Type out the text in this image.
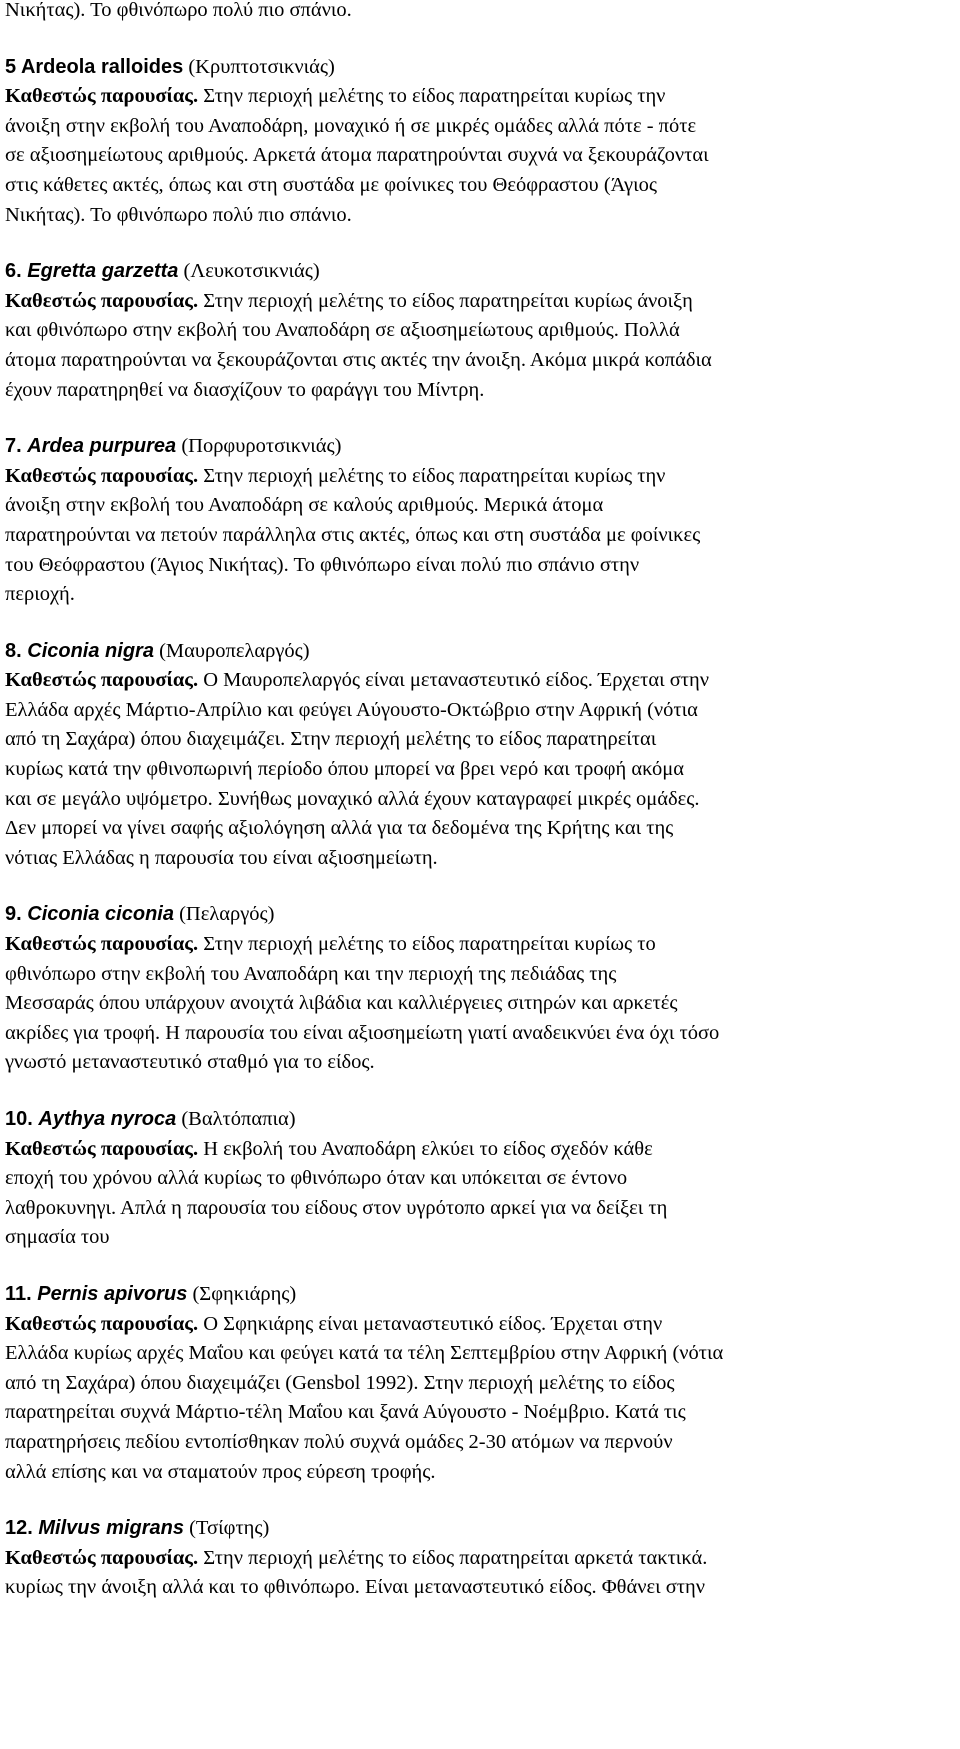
Νικήτας). Το φθινόπωρο πολύ πιο σπάνιο.

5 Ardeola ralloides (Κρυπτοτσικνιάς)

Καθεστώς παρουσίας. Στην περιοχή μελέτης το είδος παρατηρείται κυρίως την

άνοιξη στην εκβολή του Αναποδάρη, μοναχικό ή σε μικρές ομάδες αλλά πότε - πότε

σε αξιοσημείωτους αριθμούς. Αρκετά άτομα παρατηρούνται συχνά να ξεκουράζονται

στις κάθετες ακτές, όπως και στη συστάδα με φοίνικες του Θεόφραστου (Άγιος

Νικήτας). Το φθινόπωρο πολύ πιο σπάνιο.

6. Egretta garzetta (Λευκοτσικνιάς)

Καθεστώς παρουσίας. Στην περιοχή μελέτης το είδος παρατηρείται κυρίως άνοιξη

και φθινόπωρο στην εκβολή του Αναποδάρη σε αξιοσημείωτους αριθμούς. Πολλά

άτομα παρατηρούνται να ξεκουράζονται στις ακτές την άνοιξη. Ακόμα μικρά κοπάδια

έχουν παρατηρηθεί να διασχίζουν το φαράγγι του Μίντρη.

7. Ardea purpurea (Πορφυροτσικνιάς)

Καθεστώς παρουσίας. Στην περιοχή μελέτης το είδος παρατηρείται κυρίως την

άνοιξη στην εκβολή του Αναποδάρη σε καλούς αριθμούς. Μερικά άτομα

παρατηρούνται να πετούν παράλληλα στις ακτές, όπως και στη συστάδα με φοίνικες

του Θεόφραστου (Άγιος Νικήτας). Το φθινόπωρο είναι πολύ πιο σπάνιο στην

περιοχή.

8. Ciconia nigra (Μαυροπελαργός)

Καθεστώς παρουσίας. Ο Μαυροπελαργός είναι μεταναστευτικό είδος. Έρχεται στην

Ελλάδα αρχές Μάρτιο-Απρίλιο και φεύγει Αύγουστο-Οκτώβριο στην Αφρική (νότια

από τη Σαχάρα) όπου διαχειμάζει. Στην περιοχή μελέτης το είδος παρατηρείται

κυρίως κατά την φθινοπωρινή περίοδο όπου μπορεί να βρει νερό και τροφή ακόμα

και σε μεγάλο υψόμετρο. Συνήθως μοναχικό αλλά έχουν καταγραφεί μικρές ομάδες.

Δεν μπορεί να γίνει σαφής αξιολόγηση αλλά για τα δεδομένα της Κρήτης και της

νότιας Ελλάδας η παρουσία του είναι αξιοσημείωτη.

9. Ciconia ciconia (Πελαργός)

Καθεστώς παρουσίας. Στην περιοχή μελέτης το είδος παρατηρείται κυρίως το

φθινόπωρο στην εκβολή του Αναποδάρη και την περιοχή της πεδιάδας της

Μεσσαράς όπου υπάρχουν ανοιχτά λιβάδια και καλλιέργειες σιτηρών και αρκετές

ακρίδες για τροφή. Η παρουσία του είναι αξιοσημείωτη γιατί αναδεικνύει ένα όχι τόσο

γνωστό μεταναστευτικό σταθμό για το είδος.

10. Aythya nyroca (Βαλτόπαπια)

Καθεστώς παρουσίας. Η εκβολή του Αναποδάρη ελκύει το είδος σχεδόν κάθε

εποχή του χρόνου αλλά κυρίως το φθινόπωρο όταν και υπόκειται σε έντονο

λαθροκυνηγι. Απλά η παρουσία του είδους στον υγρότοπο αρκεί για να δείξει τη

σημασία του

11. Pernis apivorus (Σφηκιάρης)

Καθεστώς παρουσίας. Ο Σφηκιάρης είναι μεταναστευτικό είδος. Έρχεται στην

Ελλάδα κυρίως αρχές Μαΐου και φεύγει κατά τα τέλη Σεπτεμβρίου στην Αφρική (νότια

από τη Σαχάρα) όπου διαχειμάζει (Gensbol 1992). Στην περιοχή μελέτης το είδος

παρατηρείται συχνά Μάρτιο-τέλη Μαΐου και ξανά Αύγουστο - Νοέμβριο. Κατά τις

παρατηρήσεις πεδίου εντοπίσθηκαν πολύ συχνά ομάδες 2-30 ατόμων να περνούν

αλλά επίσης και να σταματούν προς εύρεση τροφής.

12. Milvus migrans (Τσίφτης)

Καθεστώς παρουσίας. Στην περιοχή μελέτης το είδος παρατηρείται αρκετά τακτικά.

κυρίως την άνοιξη αλλά και το φθινόπωρο. Είναι μεταναστευτικό είδος. Φθάνει στην
